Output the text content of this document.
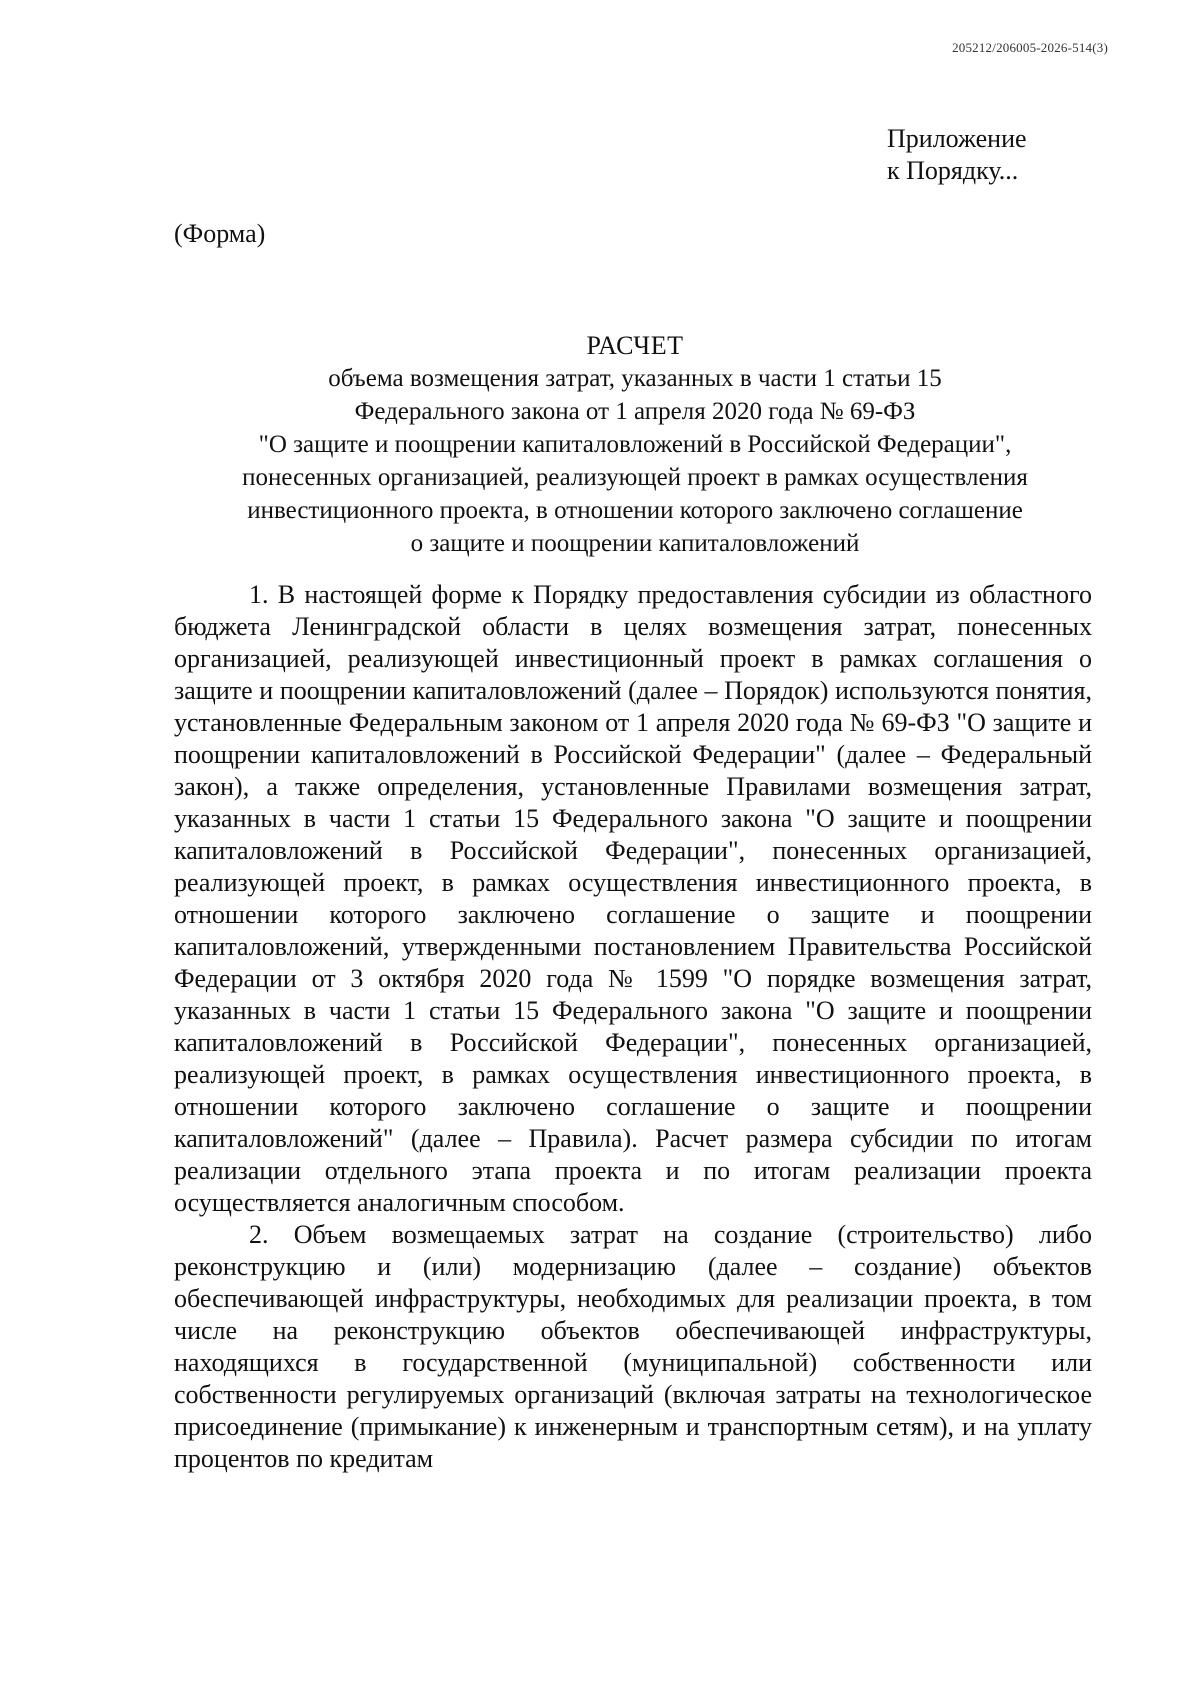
205212/206005-2026-514(3)
Приложение
к Порядку...
(Форма)
РАСЧЕТ
объема возмещения затрат, указанных в части 1 статьи 15
Федерального закона от 1 апреля 2020 года № 69-ФЗ
"О защите и поощрении капиталовложений в Российской Федерации",
понесенных организацией, реализующей проект в рамках осуществления
инвестиционного проекта, в отношении которого заключено соглашение
о защите и поощрении капиталовложений

1. В настоящей форме к Порядку предоставления субсидии из областного бюджета Ленинградской области в целях возмещения затрат, понесенных организацией, реализующей инвестиционный проект в рамках соглашения о защите и поощрении капиталовложений (далее – Порядок) используются понятия, установленные Федеральным законом от 1 апреля 2020 года № 69-ФЗ "О защите и поощрении капиталовложений в Российской Федерации" (далее – Федеральный закон), а также определения, установленные Правилами возмещения затрат, указанных в части 1 статьи 15 Федерального закона "О защите и поощрении капиталовложений в Российской Федерации", понесенных организацией, реализующей проект, в рамках осуществления инвестиционного проекта, в отношении которого заключено соглашение о защите и поощрении капиталовложений, утвержденными постановлением Правительства Российской Федерации от 3 октября 2020 года № 1599 "О порядке возмещения затрат, указанных в части 1 статьи 15 Федерального закона "О защите и поощрении капиталовложений в Российской Федерации", понесенных организацией, реализующей проект, в рамках осуществления инвестиционного проекта, в отношении которого заключено соглашение о защите и поощрении капиталовложений" (далее – Правила). Расчет размера субсидии по итогам реализации отдельного этапа проекта и по итогам реализации проекта осуществляется аналогичным способом.

2. Объем возмещаемых затрат на создание (строительство) либо реконструкцию и (или) модернизацию (далее – создание) объектов обеспечивающей инфраструктуры, необходимых для реализации проекта, в том числе на реконструкцию объектов обеспечивающей инфраструктуры, находящихся в государственной (муниципальной) собственности или собственности регулируемых организаций (включая затраты на технологическое присоединение (примыкание) к инженерным и транспортным сетям), и на уплату процентов по кредитам
